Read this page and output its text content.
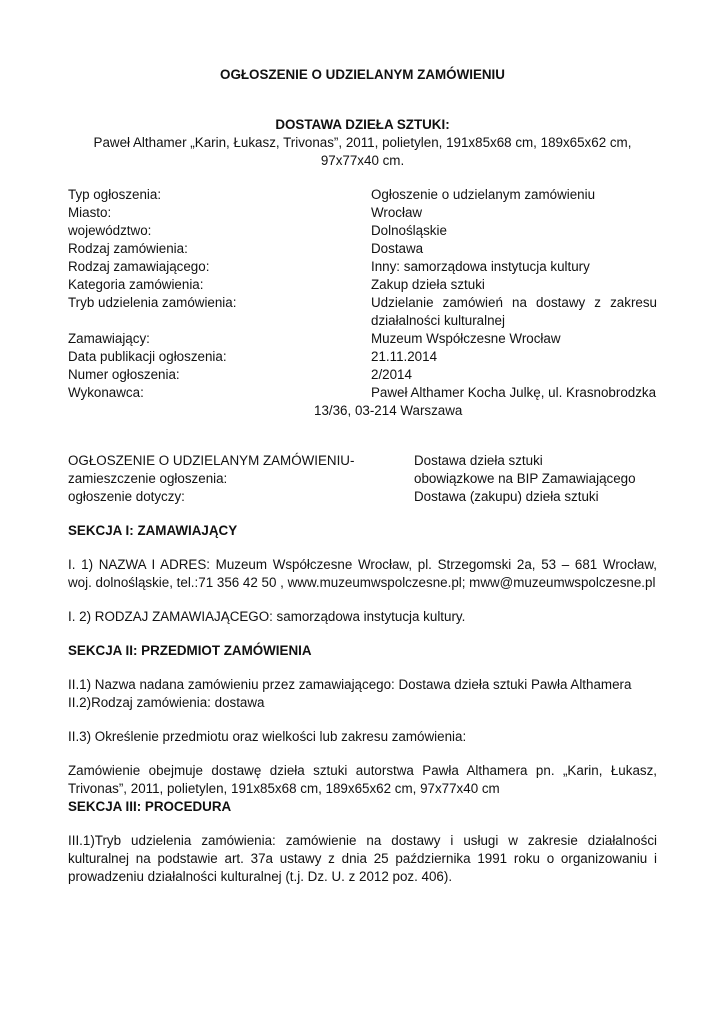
OGŁOSZENIE O UDZIELANYM ZAMÓWIENIU
DOSTAWA DZIEŁA SZTUKI:
Paweł Althamer „Karin, Łukasz, Trivonas”, 2011, polietylen, 191x85x68 cm, 189x65x62 cm,
97x77x40 cm.
Typ ogłoszenia:	Ogłoszenie o udzielanym zamówieniu
Miasto:	Wrocław
województwo:	Dolnośląskie
Rodzaj zamówienia:	Dostawa
Rodzaj zamawiającego:	Inny: samorządowa instytucja kultury
Kategoria zamówienia:	Zakup dzieła sztuki
Tryb udzielenia zamówienia:	Udzielanie zamówień na dostawy z zakresu działalności kulturalnej
Zamawiający:	Muzeum Współczesne Wrocław
Data publikacji ogłoszenia:	21.11.2014
Numer ogłoszenia:	2/2014
Wykonawca:	Paweł Althamer Kocha Julkę, ul. Krasnobrodzka
13/36, 03-214 Warszawa
OGŁOSZENIE O UDZIELANYM ZAMÓWIENIU-	Dostawa dzieła sztuki
zamieszczenie ogłoszenia:	obowiązkowe na BIP Zamawiającego
ogłoszenie dotyczy:	Dostawa (zakupu) dzieła sztuki
SEKCJA I: ZAMAWIAJĄCY
I. 1) NAZWA I ADRES: Muzeum Współczesne Wrocław, pl. Strzegomski 2a, 53 – 681 Wrocław, woj. dolnośląskie, tel.:71 356 42 50 , www.muzeumwspolczesne.pl; mww@muzeumwspolczesne.pl
I. 2) RODZAJ ZAMAWIAJĄCEGO: samorządowa instytucja kultury.
SEKCJA II: PRZEDMIOT ZAMÓWIENIA
II.1) Nazwa nadana zamówieniu przez zamawiającego: Dostawa dzieła sztuki Pawła Althamera
II.2)Rodzaj zamówienia: dostawa
II.3) Określenie przedmiotu oraz wielkości lub zakresu zamówienia:
Zamówienie obejmuje dostawę dzieła sztuki autorstwa Pawła Althamera pn. „Karin, Łukasz, Trivonas”, 2011, polietylen, 191x85x68 cm, 189x65x62 cm, 97x77x40 cm
SEKCJA III: PROCEDURA
III.1)Tryb udzielenia zamówienia: zamówienie na dostawy i usługi w zakresie działalności kulturalnej na podstawie art. 37a ustawy z dnia 25 października 1991 roku o organizowaniu i prowadzeniu działalności kulturalnej (t.j. Dz. U. z 2012 poz. 406).
